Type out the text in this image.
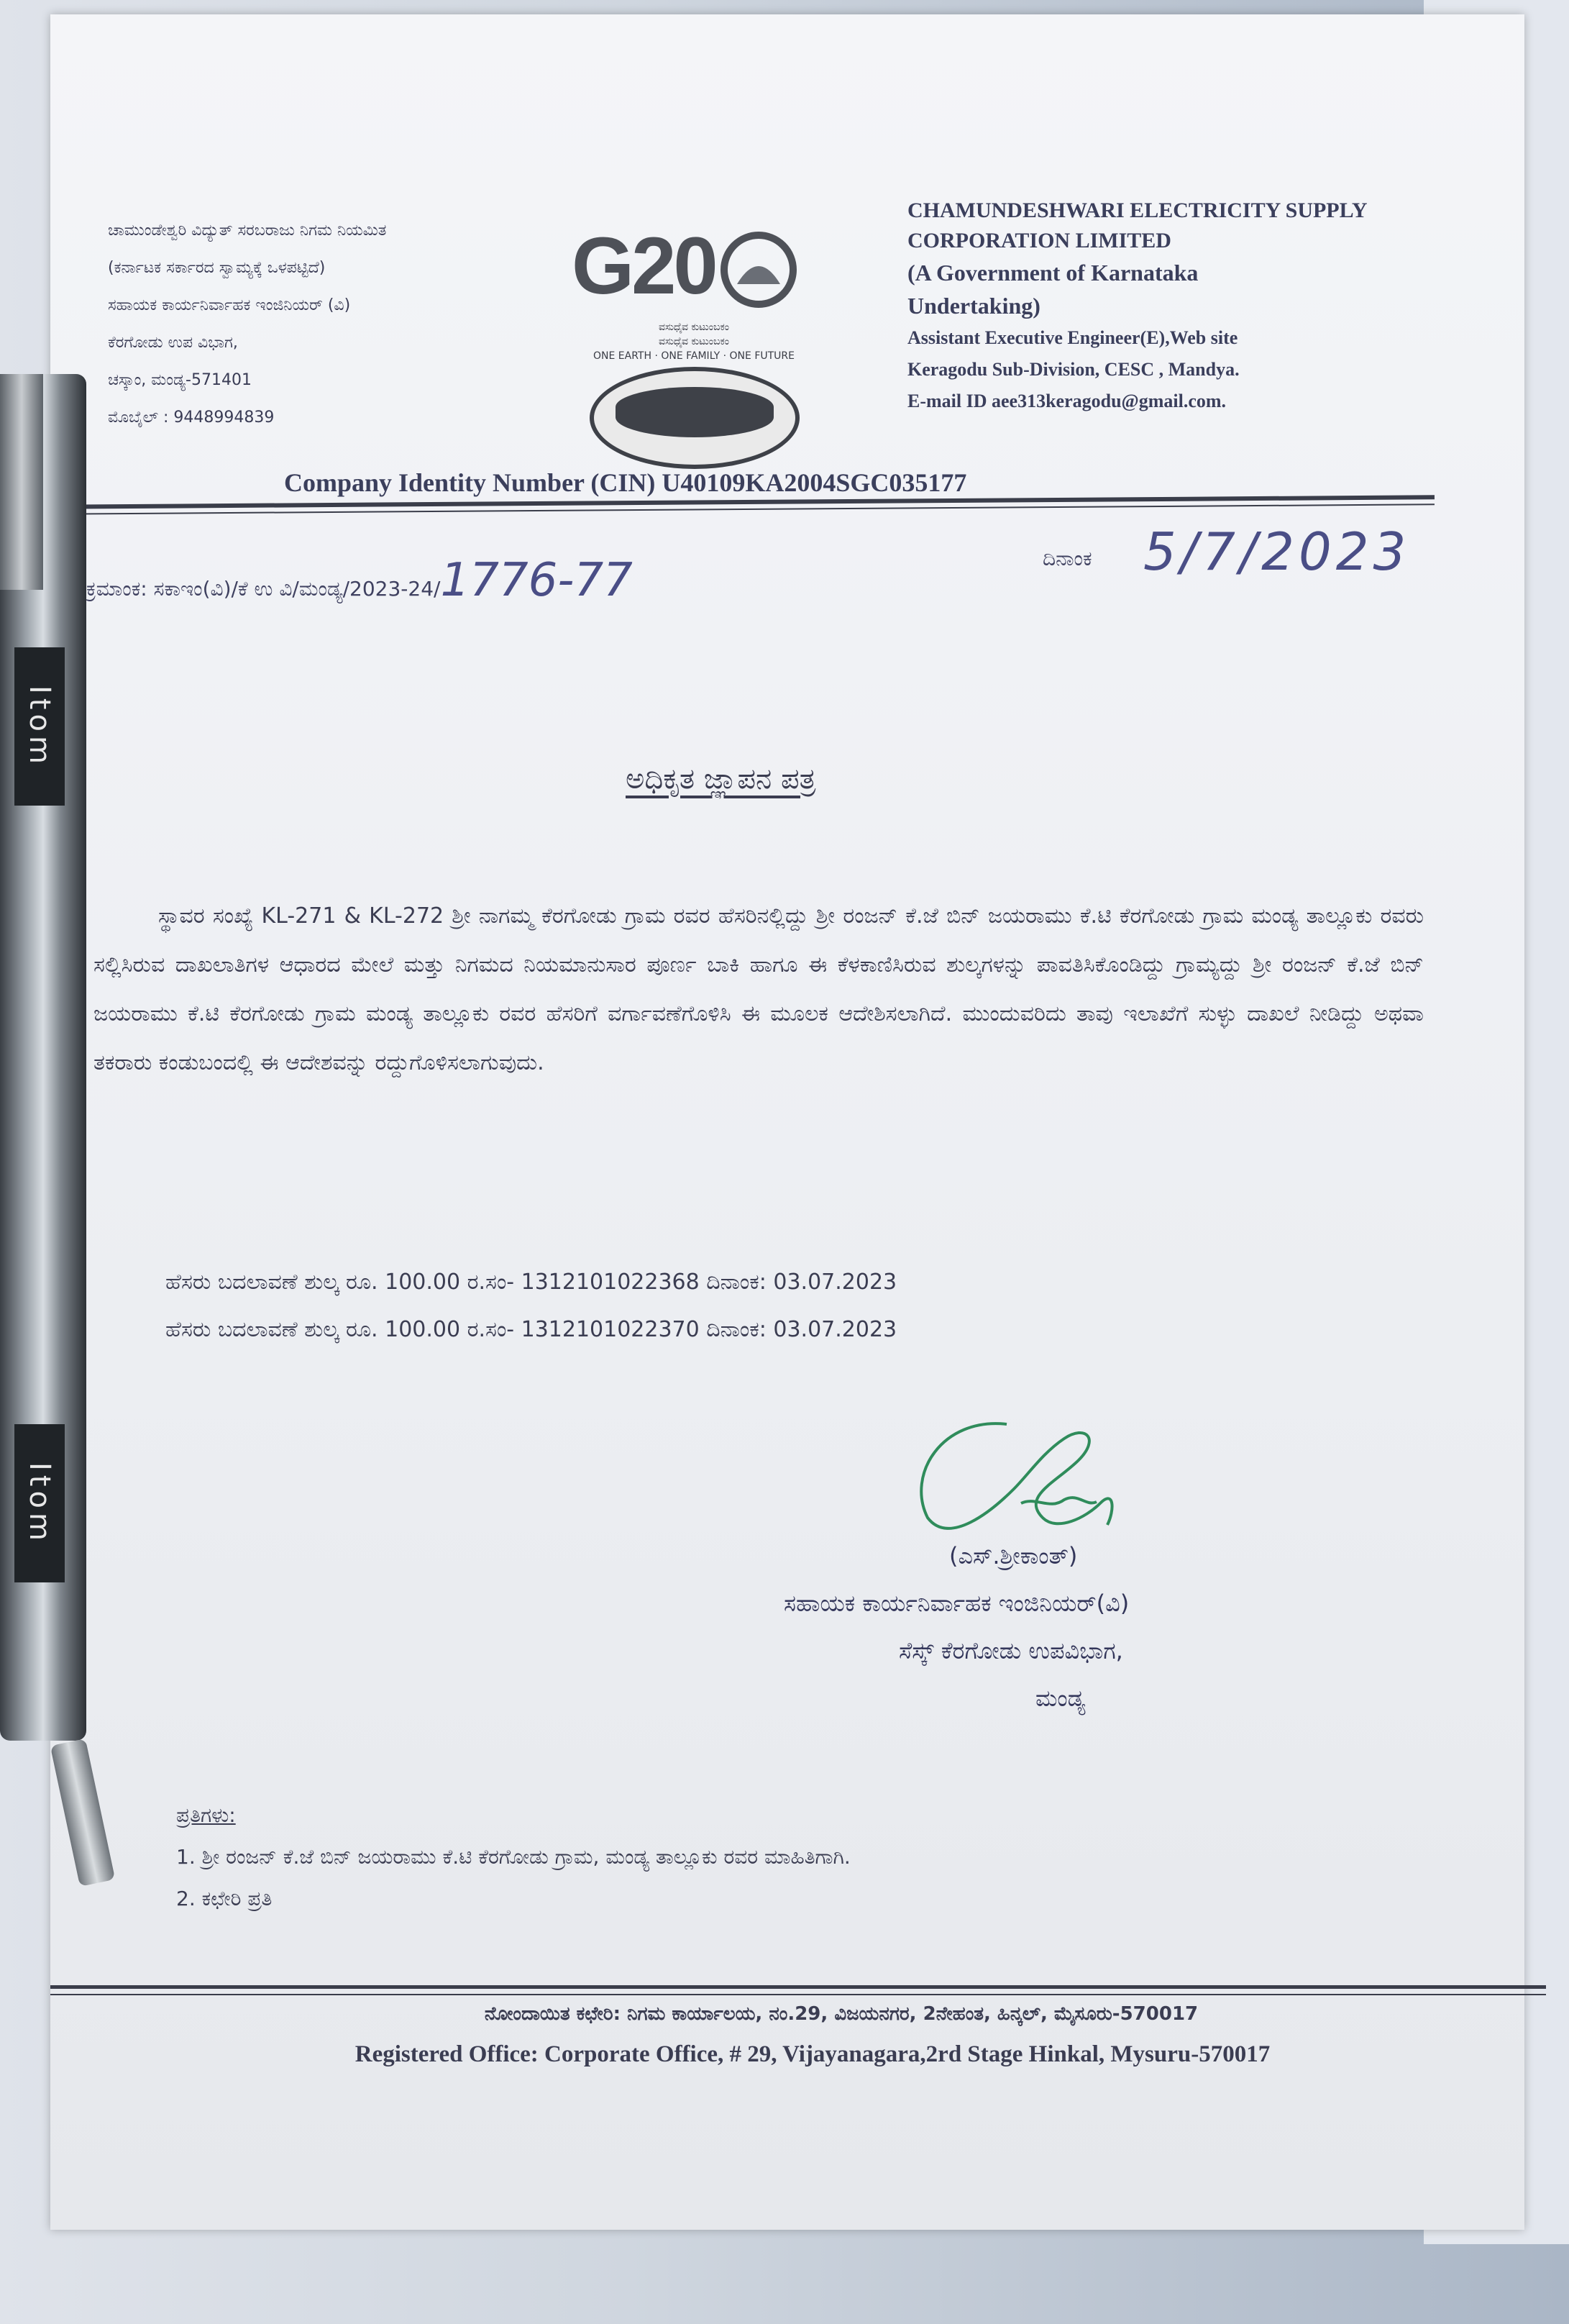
ಚಾಮುಂಡೇಶ್ವರಿ ವಿದ್ಯುತ್ ಸರಬರಾಜು ನಿಗಮ ನಿಯಮಿತ
(ಕರ್ನಾಟಕ ಸರ್ಕಾರದ ಸ್ವಾಮ್ಯಕ್ಕೆ ಒಳಪಟ್ಟಿದೆ)
ಸಹಾಯಕ ಕಾರ್ಯನಿರ್ವಾಹಕ ಇಂಜಿನಿಯರ್ (ವಿ)
ಕೆರಗೋಡು ಉಪ ವಿಭಾಗ,
ಚಸ್ಕಾಂ, ಮಂಡ್ಯ-571401
ಮೊಬೈಲ್ : 9448994839
G20
ವಸುಧೈವ ಕುಟುಂಬಕಂ
ವಸುಧೈವ ಕುಟುಂಬಕಂ
ONE EARTH · ONE FAMILY · ONE FUTURE
CHAMUNDESHWARI ELECTRICITY SUPPLY
CORPORATION LIMITED
(A Government of Karnataka
Undertaking)
Assistant Executive Engineer(E),Web site
Keragodu Sub-Division, CESC , Mandya.
E-mail ID aee313keragodu@gmail.com.
Company Identity Number (CIN) U40109KA2004SGC035177
ಕ್ರಮಾಂಕ: ಸಕಾಇಂ(ವಿ)/ಕೆ ಉ ವಿ/ಮಂಡ್ಯ/2023-24/1776-77	ದಿನಾಂಕ 5/7/2023
ಅಧಿಕೃತ ಜ್ಞಾಪನ ಪತ್ರ
ಸ್ಥಾವರ ಸಂಖ್ಯೆ KL-271 & KL-272 ಶ್ರೀ ನಾಗಮ್ಮ ಕೆರಗೋಡು ಗ್ರಾಮ ರವರ ಹೆಸರಿನಲ್ಲಿದ್ದು ಶ್ರೀ ರಂಜನ್ ಕೆ.ಜೆ ಬಿನ್ ಜಯರಾಮು ಕೆ.ಟಿ ಕೆರಗೋಡು ಗ್ರಾಮ ಮಂಡ್ಯ ತಾಲ್ಲೂಕು ರವರು ಸಲ್ಲಿಸಿರುವ ದಾಖಲಾತಿಗಳ ಆಧಾರದ ಮೇಲೆ ಮತ್ತು ನಿಗಮದ ನಿಯಮಾನುಸಾರ ಪೂರ್ಣ ಬಾಕಿ ಹಾಗೂ ಈ ಕೆಳಕಾಣಿಸಿರುವ ಶುಲ್ಕಗಳನ್ನು ಪಾವತಿಸಿಕೊಂಡಿದ್ದು ಗ್ರಾಮ್ಯದ್ದು ಶ್ರೀ ರಂಜನ್ ಕೆ.ಜೆ ಬಿನ್ ಜಯರಾಮು ಕೆ.ಟಿ ಕೆರಗೋಡು ಗ್ರಾಮ ಮಂಡ್ಯ ತಾಲ್ಲೂಕು ರವರ ಹೆಸರಿಗೆ ವರ್ಗಾವಣೆಗೊಳಿಸಿ ಈ ಮೂಲಕ ಆದೇಶಿಸಲಾಗಿದೆ. ಮುಂದುವರಿದು ತಾವು ಇಲಾಖೆಗೆ ಸುಳ್ಳು ದಾಖಲೆ ನೀಡಿದ್ದು ಅಥವಾ ತಕರಾರು ಕಂಡುಬಂದಲ್ಲಿ ಈ ಆದೇಶವನ್ನು ರದ್ದುಗೊಳಿಸಲಾಗುವುದು.
ಹೆಸರು ಬದಲಾವಣೆ ಶುಲ್ಕ ರೂ. 100.00 ರ.ಸಂ- 1312101022368 ದಿನಾಂಕ: 03.07.2023
ಹೆಸರು ಬದಲಾವಣೆ ಶುಲ್ಕ ರೂ. 100.00 ರ.ಸಂ- 1312101022370 ದಿನಾಂಕ: 03.07.2023
(ಎಸ್.ಶ್ರೀಕಾಂತ್)
ಸಹಾಯಕ ಕಾರ್ಯನಿರ್ವಾಹಕ ಇಂಜಿನಿಯರ್(ವಿ)
ಸೆಸ್ಕ್ ಕೆರಗೋಡು ಉಪವಿಭಾಗ,
ಮಂಡ್ಯ
ಪ್ರತಿಗಳು:
1. ಶ್ರೀ ರಂಜನ್ ಕೆ.ಜೆ ಬಿನ್ ಜಯರಾಮು ಕೆ.ಟಿ ಕೆರಗೋಡು ಗ್ರಾಮ, ಮಂಡ್ಯ ತಾಲ್ಲೂಕು ರವರ ಮಾಹಿತಿಗಾಗಿ.
2. ಕಛೇರಿ ಪ್ರತಿ
ನೋಂದಾಯಿತ ಕಛೇರಿ: ನಿಗಮ ಕಾರ್ಯಾಲಯ, ನಂ.29, ವಿಜಯನಗರ, 2ನೇಹಂತ, ಹಿನ್ಕಲ್, ಮೈಸೂರು-570017
Registered Office: Corporate Office, # 29, Vijayanagara,2rd Stage Hinkal, Mysuru-570017
Itom
Itom
